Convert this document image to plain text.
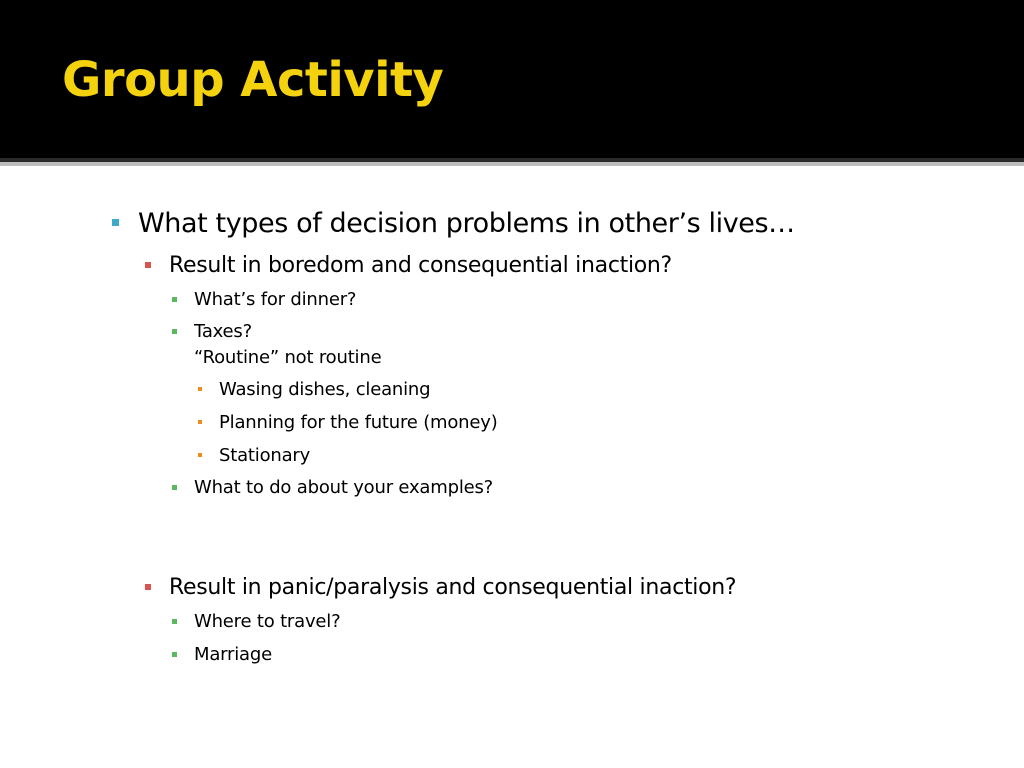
Group Activity
What types of decision problems in other’s lives…
Result in boredom and consequential inaction?
What’s for dinner?
Taxes?
“Routine” not routine
Wasing dishes, cleaning
Planning for the future (money)
Stationary
What to do about your examples?
Result in panic/paralysis and consequential inaction?
Where to travel?
Marriage
